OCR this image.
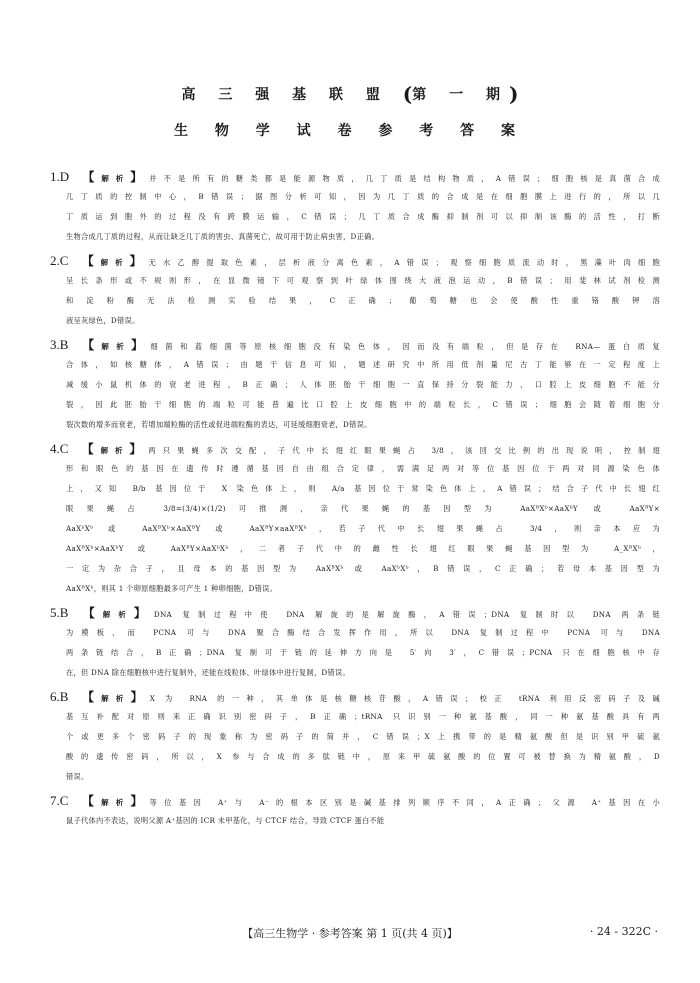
高 三 强 基 联 盟 (第 一 期)
生 物 学 试 卷 参 考 答 案
1.D 【解析】并不是所有的糖类都是能源物质，几丁质是结构物质，A错误；细胞核是真菌合成
几丁质的控制中心，B错误；据图分析可知，因为几丁质的合成是在细胞膜上进行的，所以几
丁质运到胞外的过程没有跨膜运输，C错误；几丁质合成酶抑制剂可以抑制该酶的活性，打断
生物合成几丁质的过程，从而让缺乏几丁质的害虫、真菌死亡，故可用于防止病虫害，D正确。
2.C 【解析】无水乙醇提取色素，层析液分离色素，A错误；观察细胞质流动时，黑藻叶肉细胞
呈长条形或不规则形，在显微镜下可观察到叶绿体围绕大液泡运动，B错误；用斐林试剂检测
和淀粉酶无法检测实验结果，C正确；葡萄糖也会使酸性重铬酸钾溶
液呈灰绿色，D错误。
3.B 【解析】细菌和蓝细菌等原核细胞没有染色体，因而没有端粒，但是存在 RNA—蛋白质复
合体，如核糖体，A错误；由题干信息可知，题述研究中所用低剂量尼古丁能够在一定程度上
减缓小鼠机体的衰老进程，B正确；人体胚胎干细胞一直保持分裂能力，口腔上皮细胞不能分
裂，因此胚胎干细胞的端粒可能普遍比口腔上皮细胞中的端粒长，C错误；细胞会随着细胞分
裂次数的增多而衰老，若增加端粒酶的活性或促进端粒酶的表达，可延缓细胞衰老，D错误。
4.C 【解析】两只果蝇多次交配，子代中长翅红眼果蝇占 3/8，该回交比例的出现说明，控制翅
形和眼色的基因在遗传时遵循基因自由组合定律，需满足两对等位基因位于两对同源染色体
上，又知 B/b 基因位于 X 染色体上，则 A/a 基因位于常染色体上，A错误；结合子代中长翅红
眼果蝇占 3/8=(3/4)×(1/2)可推测，亲代果蝇的基因型为 AaXᴮXᵇ×AaXᵇY 或 AaXᴮY×
AaXᵇXᵇ 或 AaXᴮXᵇ×AaXᴮY 或 AaXᴮY×aaXᴮXᵇ，若子代中长翅果蝇占 3/4，则亲本应为
AaXᴮXᵇ×AaXᵇY 或 AaXᴮY×AaXᵇXᵇ，二者子代中的雌性长翅红眼果蝇基因型为 A_XᴮXᵇ，
一定为杂合子，且母本的基因型为 AaXᴮXᵇ 或 AaXᵇXᵇ，B错误，C正确；若母本基因型为
AaXᴮXᵇ，则其 1 个卵原细胞最多可产生 1 种卵细胞，D错误。
5.B 【解析】DNA 复制过程中使 DNA 解旋的是解旋酶，A错误；DNA 复制时以 DNA 两条链
为模板，而 PCNA 可与 DNA 聚合酶结合发挥作用，所以 DNA 复制过程中 PCNA 可与 DNA
两条链结合，B正确；DNA 复制可于链的延伸方向是 5′向 3′，C错误；PCNA 只在细胞核中存
在，但 DNA 除在细胞核中进行复制外，还能在线粒体、叶绿体中进行复制，D错误。
6.B 【解析】X 为 RNA 的一种，其单体是核糖核苷酸，A错误；校正 tRNA 利用反密码子及碱
基互补配对原则来正确识别密码子，B正确；tRNA 只识别一种氨基酸，同一种氨基酸具有两
个或更多个密码子的现象称为密码子的简并，C错误；X上携带的是精氨酸但是识别甲硫氨
酸的遗传密码，所以，X 参与合成的多肽链中，原来甲硫氨酸的位置可被替换为精氨酸，D
错误。
7.C 【解析】等位基因 A⁺与 A⁻的根本区别是碱基排列顺序不同，A正确；父源 A⁺基因在小
鼠子代体内不表达，说明父源 A⁺基因的 ICR 未甲基化，与 CTCF 结合，导致 CTCF 蛋白不能
【高三生物学 · 参考答案 第 1 页(共 4 页)】	· 24 - 322C ·
